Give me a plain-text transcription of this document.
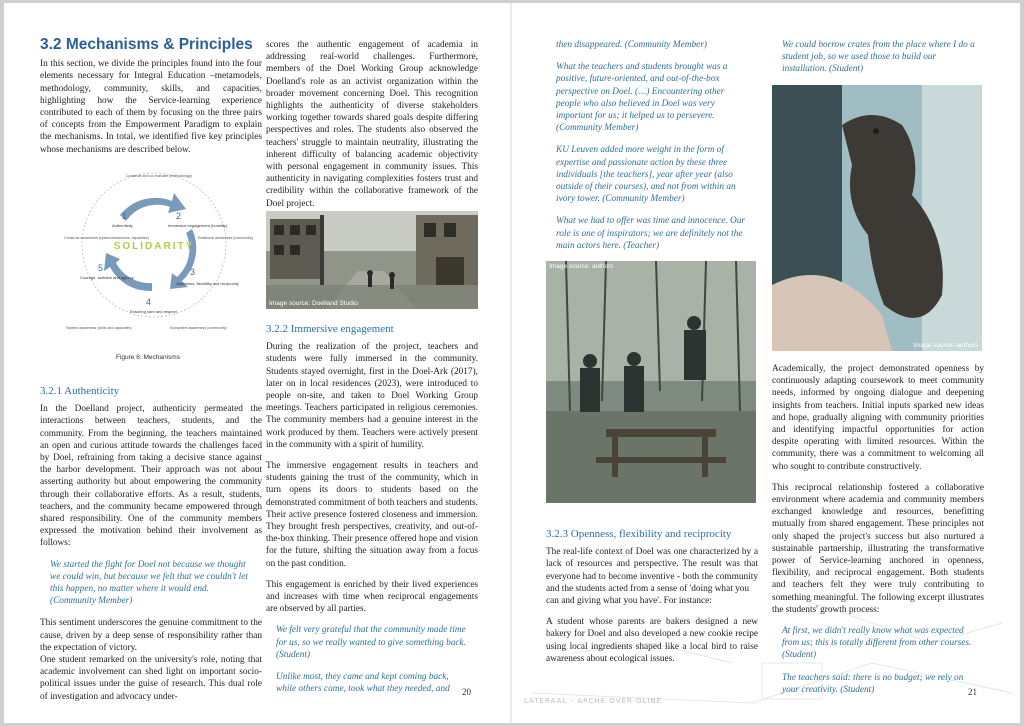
3.2 Mechanisms & Principles

In this section, we divide the principles found into the four elements necessary for Integral Education –metamodels, methodology, community, skills, and capacities, highlighting how the Service-learning experience contributed to each of them by focusing on the three pairs of concepts from the Empowerment Paradigm to explain the mechanisms. In total, we identified five key principles whose mechanisms are described below.

SOLIDARITY
1	2
3
4
5
Authenticity	Immersive engagement (humility)
Openness, flexibility and reciprocity
Ensuring care and respect
Courage, activism and agency
Construct and co-evaluate (methodology)
Relational awareness (community)
Ecosystem awareness (community)
System awareness (skills and capacities)
Construct awareness (system/awareness, capacities)
Figure 6: Mechanisms
3.2.1 Authenticity

In the Doelland project, authenticity permeated the interactions between teachers, students, and the community. From the beginning, the teachers maintained an open and curious attitude towards the challenges faced by Doel, refraining from taking a decisive stance against the harbor development. Their approach was not about asserting authority but about empowering the community through their collaborative efforts. As a result, students, teachers, and the community became empowered through shared responsibility. One of the community members expressed the motivation behind their involvement as follows:

We started the fight for Doel not because we thought we could win, but because we felt that we couldn't let this happen, no matter where it would end. (Community Member)

This sentiment underscores the genuine commitment to the cause, driven by a deep sense of responsibility rather than the expectation of victory.

One student remarked on the university's role, noting that academic involvement can shed light on important socio-political issues under the guise of research. This dual role of investigation and advocacy under-

scores the authentic engagement of academia in addressing real-world challenges. Furthermore, members of the Doel Working Group acknowledge Doelland's role as an activist organization within the broader movement concerning Doel. This recognition highlights the authenticity of diverse stakeholders working together towards shared goals despite differing perspectives and roles. The students also observed the teachers' struggle to maintain neutrality, illustrating the inherent difficulty of balancing academic objectivity with personal engagement in community issues. This authenticity in navigating complexities fosters trust and credibility within the collaborative framework of the Doel project.

Image source: Doelland Studio
3.2.2 Immersive engagement

During the realization of the project, teachers and students were fully immersed in the community. Students stayed overnight, first in the Doel-Ark (2017), later on in local residences (2023), were introduced to people on-site, and taken to Doel Working Group meetings. Teachers participated in religious ceremonies. The community members had a genuine interest in the work produced by them. Teachers were actively present in the community with a spirit of humility.

The immersive engagement results in teachers and students gaining the trust of the community, which in turn opens its doors to students based on the demonstrated commitment of both teachers and students. Their active presence fostered closeness and immersion. They brought fresh perspectives, creativity, and out-of-the-box thinking. Their presence offered hope and vision for the future, shifting the situation away from a focus on the past condition.

This engagement is enriched by their lived experiences and increases with time when reciprocal engagements are observed by all parties.

We felt very grateful that the community made time for us, so we really wanted to give something back. (Student)
Unlike most, they came and kept coming back, while others came, took what they needed, and	20
LATERAAL - ARCHE OVER GLINE
then disappeared. (Community Member)
What the teachers and students brought was a positive, future-oriented, and out-of-the-box perspective on Doel. (…) Encountering other people who also believed in Doel was very important for us; it helped us to persevere. (Community Member)
KU Leuven added more weight in the form of expertise and passionate action by these three individuals [the teachers], year after year (also outside of their courses), and not from within an ivory tower. (Community Member)
What we had to offer was time and innocence. Our role is one of inspirators; we are definitely not the main actors here. (Teacher)
Image source: authors
3.2.3 Openness, flexibility and reciprocity

The real-life context of Doel was one characterized by a lack of resources and perspective. The result was that everyone had to become inventive - both the community and the students acted from a sense of 'doing what you

can and giving what you have'. For instance:

A student whose parents are bakers designed a new bakery for Doel and also developed a new cookie recipe using local ingredients shaped like a local bird to raise awareness about ecological issues.

We could borrow crates from the place where I do a student job, so we used those to build our installation. (Student)
Image source: authors

Academically, the project demonstrated openness by continuously adapting coursework to meet community needs, informed by ongoing dialogue and deepening insights from teachers. Initial inputs sparked new ideas and hope, gradually aligning with community priorities and identifying impactful opportunities for action despite operating with limited resources. Within the community, there was a commitment to welcoming all who sought to contribute constructively.

This reciprocal relationship fostered a collaborative environment where academia and community members exchanged knowledge and resources, benefitting mutually from shared engagement. These principles not only shaped the project's success but also nurtured a sustainable partnership, illustrating the transformative power of Service-learning anchored in openness, flexibility, and reciprocal engagement. Both students and teachers felt they were truly contributing to something meaningful. The following excerpt illustrates the students' growth process:

At first, we didn't really know what was expected from us; this is totally different from other courses. (Student)
The teachers said: there is no budget; we rely on your creativity. (Student)	21
